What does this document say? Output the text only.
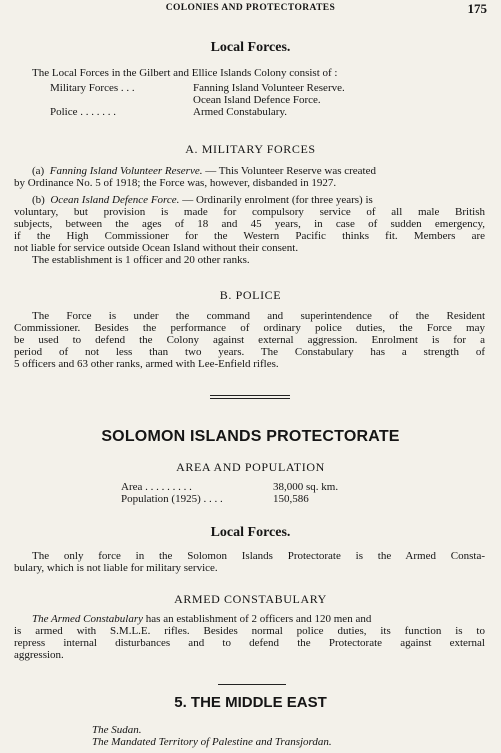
COLONIES AND PROTECTORATES	175
Local Forces.
The Local Forces in the Gilbert and Ellice Islands Colony consist of :
Military Forces . . .	Fanning Island Volunteer Reserve.
Ocean Island Defence Force.
Police . . . . . . .	Armed Constabulary.
A. MILITARY FORCES
(a) Fanning Island Volunteer Reserve. — This Volunteer Reserve was created
by Ordinance No. 5 of 1918; the Force was, however, disbanded in 1927.
(b) Ocean Island Defence Force. — Ordinarily enrolment (for three years) is
voluntary, but provision is made for compulsory service of all male British
subjects, between the ages of 18 and 45 years, in case of sudden emergency,
if the High Commissioner for the Western Pacific thinks fit. Members are
not liable for service outside Ocean Island without their consent.
The establishment is 1 officer and 20 other ranks.
B. POLICE
The Force is under the command and superintendence of the Resident
Commissioner. Besides the performance of ordinary police duties, the Force may
be used to defend the Colony against external aggression. Enrolment is for a
period of not less than two years. The Constabulary has a strength of
5 officers and 63 other ranks, armed with Lee-Enfield rifles.
SOLOMON ISLANDS PROTECTORATE
AREA AND POPULATION
Area . . . . . . . . .	38,000 sq. km.
Population (1925) . . . .	150,586
Local Forces.
The only force in the Solomon Islands Protectorate is the Armed Consta-
bulary, which is not liable for military service.
ARMED CONSTABULARY
The Armed Constabulary has an establishment of 2 officers and 120 men and
is armed with S.M.L.E. rifles. Besides normal police duties, its function is to
repress internal disturbances and to defend the Protectorate against external
aggression.
5. THE MIDDLE EAST
The Sudan.
The Mandated Territory of Palestine and Transjordan.
